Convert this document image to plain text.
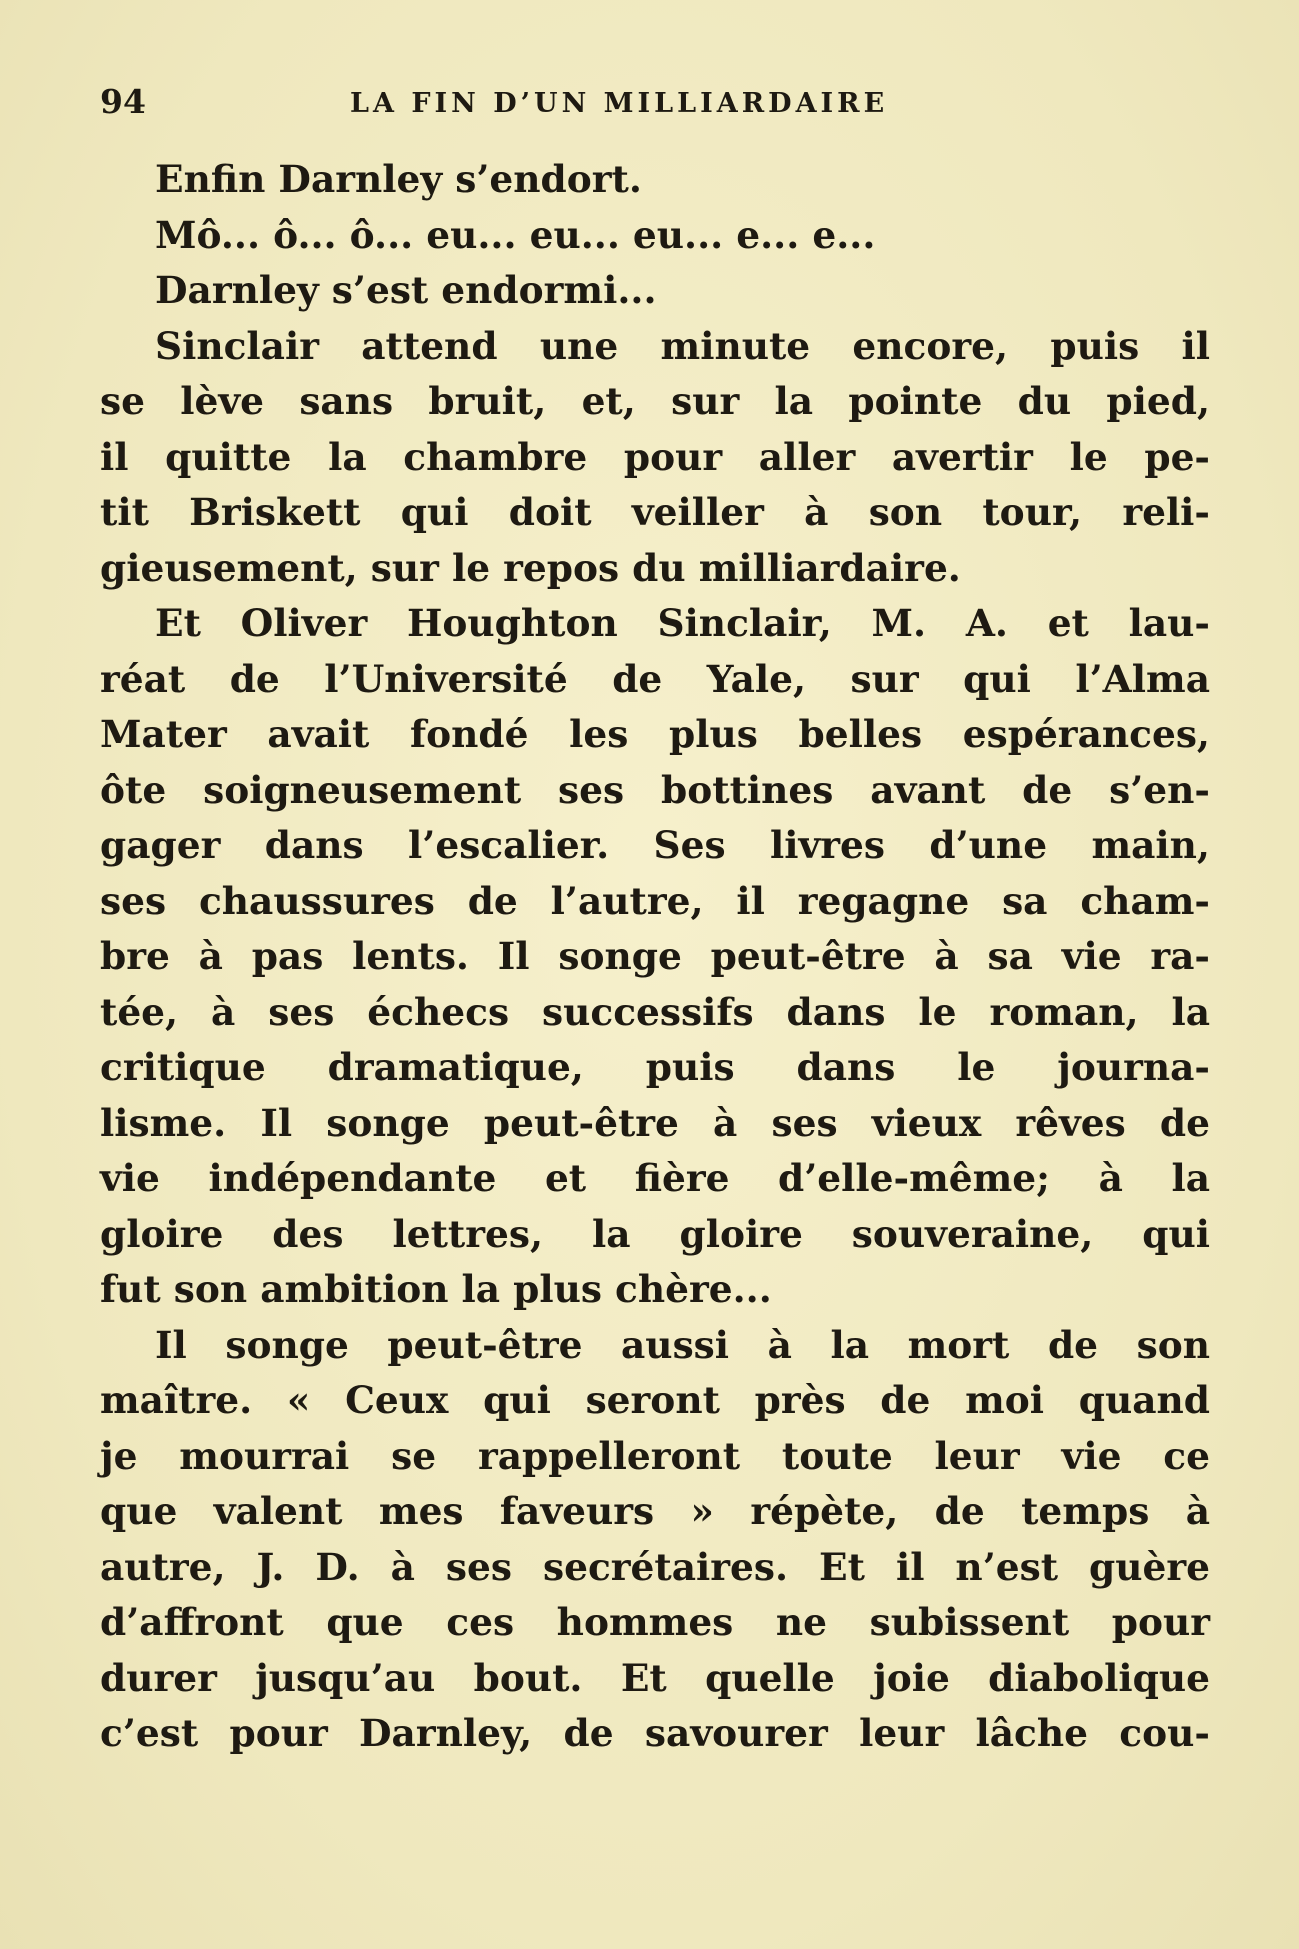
94	LA FIN D’UN MILLIARDAIRE
Enfin Darnley s’endort.
Mô... ô... ô... eu... eu... eu... e... e...
Darnley s’est endormi...
Sinclair attend une minute encore, puis il
se lève sans bruit, et, sur la pointe du pied,
il quitte la chambre pour aller avertir le pe-
tit Briskett qui doit veiller à son tour, reli-
gieusement, sur le repos du milliardaire.
Et Oliver Houghton Sinclair, M. A. et lau-
réat de l’Université de Yale, sur qui l’Alma
Mater avait fondé les plus belles espérances,
ôte soigneusement ses bottines avant de s’en-
gager dans l’escalier. Ses livres d’une main,
ses chaussures de l’autre, il regagne sa cham-
bre à pas lents. Il songe peut-être à sa vie ra-
tée, à ses échecs successifs dans le roman, la
critique dramatique, puis dans le journa-
lisme. Il songe peut-être à ses vieux rêves de
vie indépendante et fière d’elle-même; à la
gloire des lettres, la gloire souveraine, qui
fut son ambition la plus chère...
Il songe peut-être aussi à la mort de son
maître. « Ceux qui seront près de moi quand
je mourrai se rappelleront toute leur vie ce
que valent mes faveurs » répète, de temps à
autre, J. D. à ses secrétaires. Et il n’est guère
d’affront que ces hommes ne subissent pour
durer jusqu’au bout. Et quelle joie diabolique
c’est pour Darnley, de savourer leur lâche cou-
